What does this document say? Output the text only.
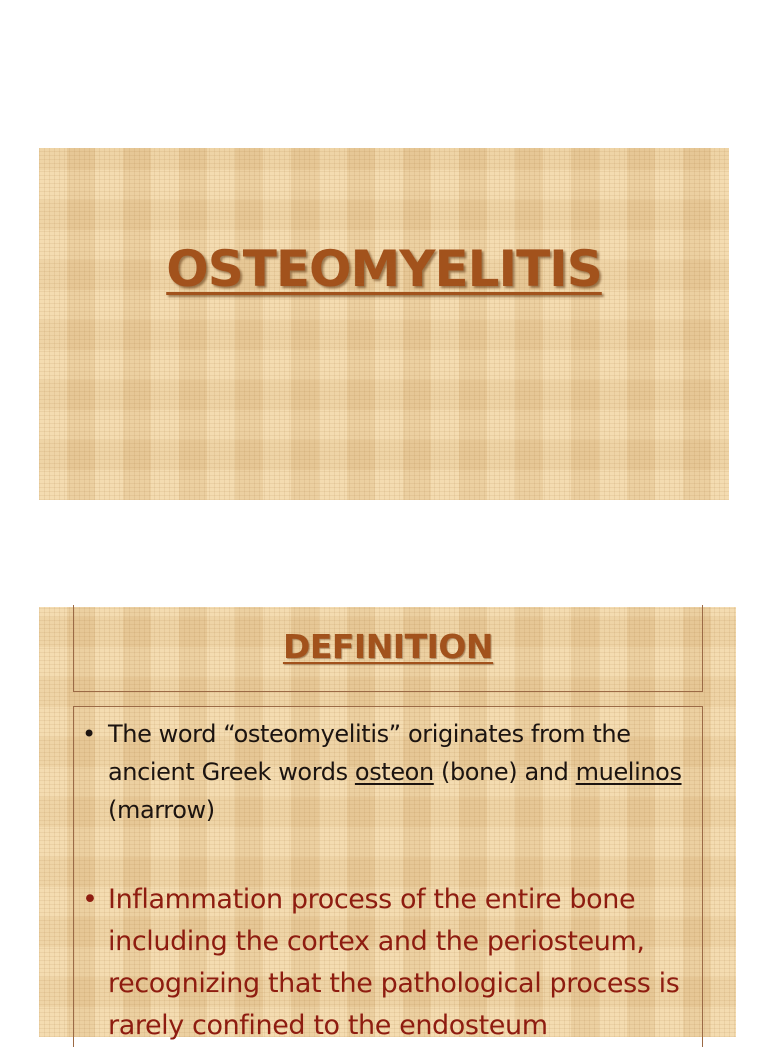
OSTEOMYELITIS
DEFINITION
• The word “osteomyelitis” originates from the ancient Greek words osteon (bone) and muelinos (marrow)
• Inflammation process of the entire bone including the cortex and the periosteum, recognizing that the pathological process is rarely confined to the endosteum
